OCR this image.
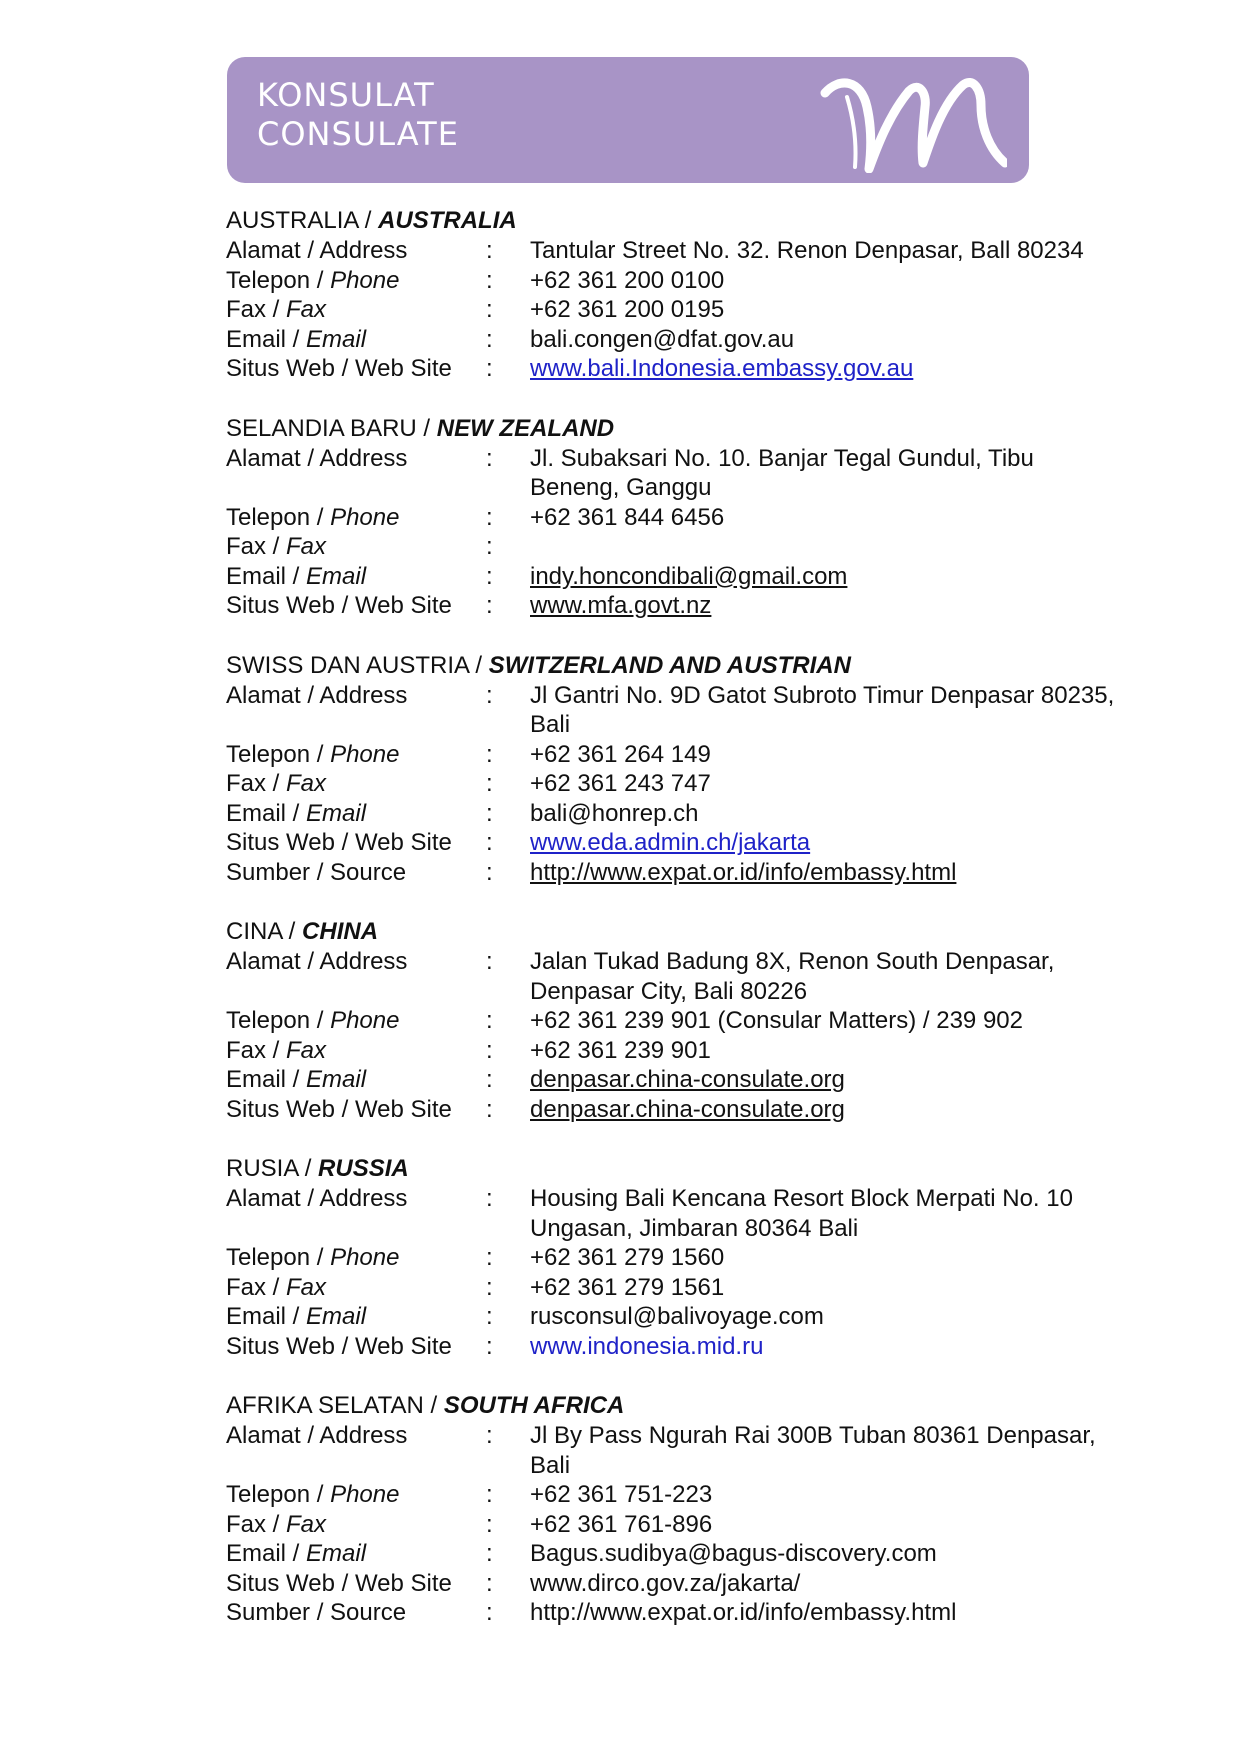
KONSULAT
CONSULATE
AUSTRALIA / AUSTRALIA
Alamat / Address	:	Tantular Street No. 32. Renon Denpasar, Ball 80234
Telepon / Phone	:	+62 361 200 0100
Fax / Fax	:	+62 361 200 0195
Email / Email	:	bali.congen@dfat.gov.au
Situs Web / Web Site	:	www.bali.Indonesia.embassy.gov.au
SELANDIA BARU / NEW ZEALAND
Alamat / Address	:	Jl. Subaksari No. 10. Banjar Tegal Gundul, Tibu Beneng, Ganggu
Telepon / Phone	:	+62 361 844 6456
Fax / Fax	:
Email / Email	:	indy.honcondibali@gmail.com
Situs Web / Web Site	:	www.mfa.govt.nz
SWISS DAN AUSTRIA / SWITZERLAND AND AUSTRIAN
Alamat / Address	:	Jl Gantri No. 9D Gatot Subroto Timur Denpasar 80235, Bali
Telepon / Phone	:	+62 361 264 149
Fax / Fax	:	+62 361 243 747
Email / Email	:	bali@honrep.ch
Situs Web / Web Site	:	www.eda.admin.ch/jakarta
Sumber / Source	:	http://www.expat.or.id/info/embassy.html
CINA / CHINA
Alamat / Address	:	Jalan Tukad Badung 8X, Renon South Denpasar, Denpasar City, Bali 80226
Telepon / Phone	:	+62 361 239 901 (Consular Matters) / 239 902
Fax / Fax	:	+62 361 239 901
Email / Email	:	denpasar.china-consulate.org
Situs Web / Web Site	:	denpasar.china-consulate.org
RUSIA / RUSSIA
Alamat / Address	:	Housing Bali Kencana Resort Block Merpati No. 10 Ungasan, Jimbaran 80364 Bali
Telepon / Phone	:	+62 361 279 1560
Fax / Fax	:	+62 361 279 1561
Email / Email	:	rusconsul@balivoyage.com
Situs Web / Web Site	:	www.indonesia.mid.ru
AFRIKA SELATAN / SOUTH AFRICA
Alamat / Address	:	Jl By Pass Ngurah Rai 300B Tuban 80361 Denpasar, Bali
Telepon / Phone	:	+62 361 751-223
Fax / Fax	:	+62 361 761-896
Email / Email	:	Bagus.sudibya@bagus-discovery.com
Situs Web / Web Site	:	www.dirco.gov.za/jakarta/
Sumber / Source	:	http://www.expat.or.id/info/embassy.html
